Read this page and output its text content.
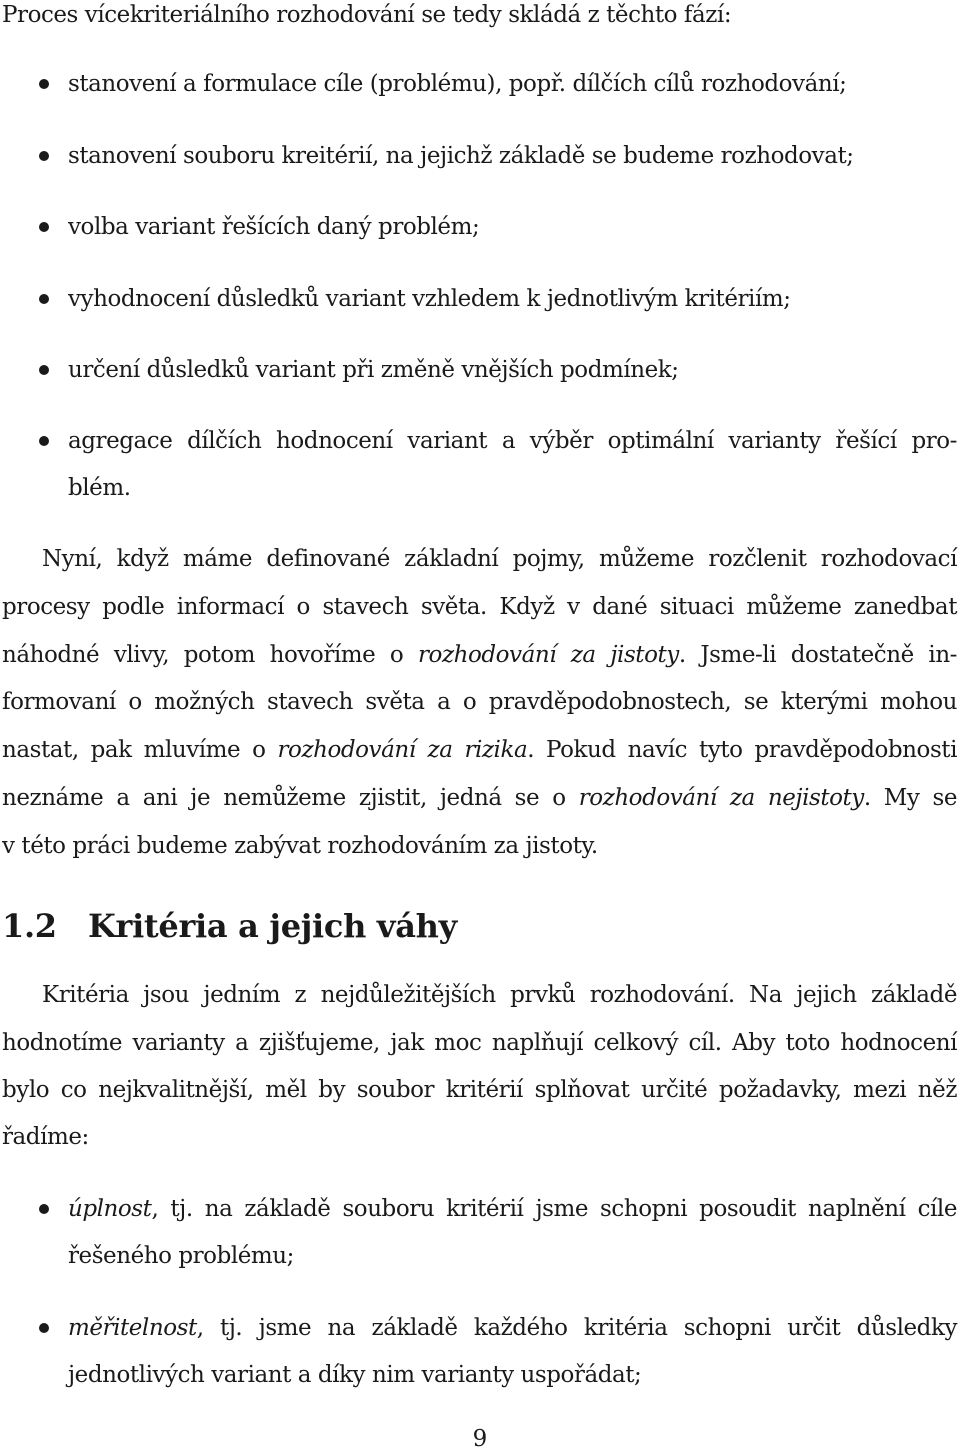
Proces vícekriteriálního rozhodování se tedy skládá z těchto fází:
stanovení a formulace cíle (problému), popř. dílčích cílů rozhodování;
stanovení souboru kreitérií, na jejichž základě se budeme rozhodovat;
volba variant řešících daný problém;
vyhodnocení důsledků variant vzhledem k jednotlivým kritériím;
určení důsledků variant při změně vnějších podmínek;
agregace dílčích hodnocení variant a výběr optimální varianty řešící pro-
blém.
Nyní, když máme definované základní pojmy, můžeme rozčlenit rozhodovací
procesy podle informací o stavech světa. Když v dané situaci můžeme zanedbat
náhodné vlivy, potom hovoříme o rozhodování za jistoty. Jsme-li dostatečně in-
formovaní o možných stavech světa a o pravděpodobnostech, se kterými mohou
nastat, pak mluvíme o rozhodování za rizika. Pokud navíc tyto pravděpodobnosti
neznáme a ani je nemůžeme zjistit, jedná se o rozhodování za nejistoty. My se
v této práci budeme zabývat rozhodováním za jistoty.
1.2 Kritéria a jejich váhy
Kritéria jsou jedním z nejdůležitějších prvků rozhodování. Na jejich základě
hodnotíme varianty a zjišťujeme, jak moc naplňují celkový cíl. Aby toto hodnocení
bylo co nejkvalitnější, měl by soubor kritérií splňovat určité požadavky, mezi něž
řadíme:
úplnost, tj. na základě souboru kritérií jsme schopni posoudit naplnění cíle
řešeného problému;
měřitelnost, tj. jsme na základě každého kritéria schopni určit důsledky
jednotlivých variant a díky nim varianty uspořádat;
9
